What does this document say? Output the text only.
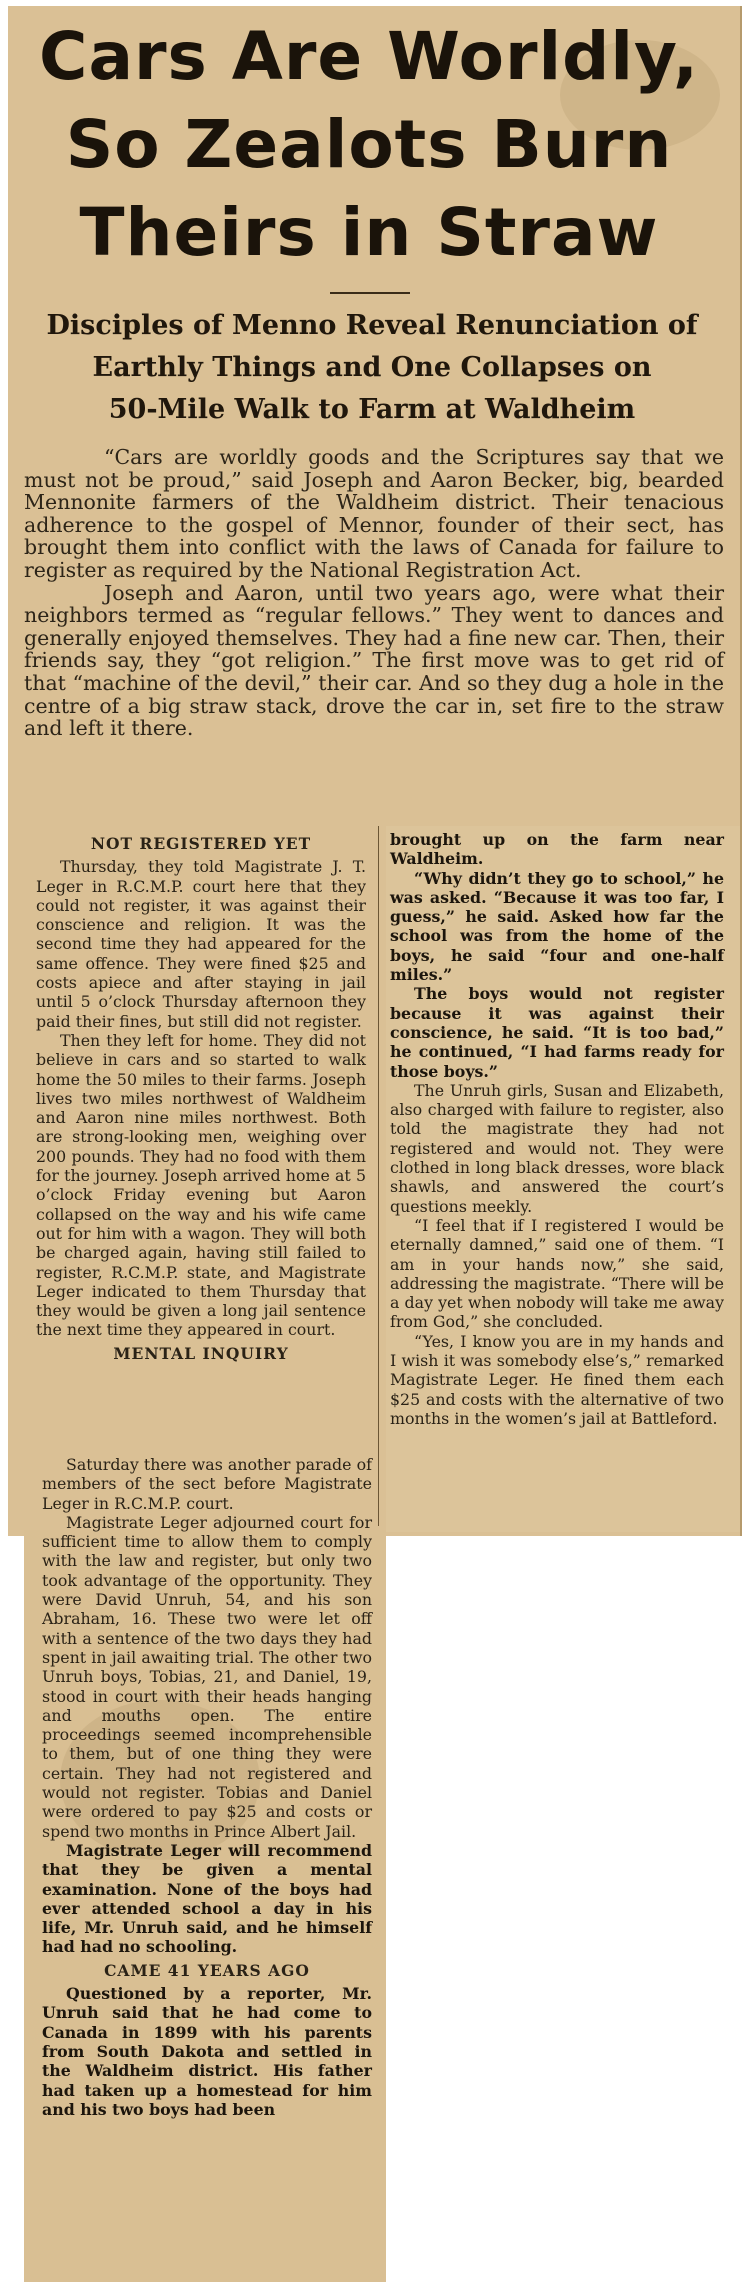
Cars Are Worldly,
So Zealots Burn
Theirs in Straw
Disciples of Menno Reveal Renunciation of
Earthly Things and One Collapses on
50-Mile Walk to Farm at Waldheim

“Cars are worldly goods and the Scriptures say that we must not be proud,” said Joseph and Aaron Becker, big, bearded Mennonite farmers of the Waldheim district. Their tenacious adherence to the gospel of Mennor, founder of their sect, has brought them into conflict with the laws of Canada for failure to register as required by the National Registration Act.

Joseph and Aaron, until two years ago, were what their neighbors termed as “regular fellows.” They went to dances and generally enjoyed themselves. They had a fine new car. Then, their friends say, they “got religion.” The first move was to get rid of that “machine of the devil,” their car. And so they dug a hole in the centre of a big straw stack, drove the car in, set fire to the straw and left it there.

NOT REGISTERED YET

Thursday, they told Magistrate J. T. Leger in R.C.M.P. court here that they could not register, it was against their conscience and religion. It was the second time they had appeared for the same offence. They were fined $25 and costs apiece and after staying in jail until 5 o’clock Thursday afternoon they paid their fines, but still did not register.

Then they left for home. They did not believe in cars and so started to walk home the 50 miles to their farms. Joseph lives two miles northwest of Waldheim and Aaron nine miles northwest. Both are strong-looking men, weighing over 200 pounds. They had no food with them for the journey. Joseph arrived home at 5 o’clock Friday evening but Aaron collapsed on the way and his wife came out for him with a wagon. They will both be charged again, having still failed to register, R.C.M.P. state, and Magistrate Leger indicated to them Thursday that they would be given a long jail sentence the next time they appeared in court.

MENTAL INQUIRY

brought up on the farm near Waldheim.

“Why didn’t they go to school,” he was asked. “Because it was too far, I guess,” he said. Asked how far the school was from the home of the boys, he said “four and one-half miles.”

The boys would not register because it was against their conscience, he said. “It is too bad,” he continued, “I had farms ready for those boys.”

The Unruh girls, Susan and Elizabeth, also charged with failure to register, also told the magistrate they had not registered and would not. They were clothed in long black dresses, wore black shawls, and answered the court’s questions meekly.

“I feel that if I registered I would be eternally damned,” said one of them. “I am in your hands now,” she said, addressing the magistrate. “There will be a day yet when nobody will take me away from God,” she concluded.

“Yes, I know you are in my hands and I wish it was somebody else’s,” remarked Magistrate Leger. He fined them each $25 and costs with the alternative of two months in the women’s jail at Battleford.

Saturday there was another parade of members of the sect before Magistrate Leger in R.C.M.P. court.

Magistrate Leger adjourned court for sufficient time to allow them to comply with the law and register, but only two took advantage of the opportunity. They were David Unruh, 54, and his son Abraham, 16. These two were let off with a sentence of the two days they had spent in jail awaiting trial. The other two Unruh boys, Tobias, 21, and Daniel, 19, stood in court with their heads hanging and mouths open. The entire proceedings seemed incomprehensible to them, but of one thing they were certain. They had not registered and would not register. Tobias and Daniel were ordered to pay $25 and costs or spend two months in Prince Albert Jail.

Magistrate Leger will recommend that they be given a mental examination. None of the boys had ever attended school a day in his life, Mr. Unruh said, and he himself had had no schooling.

CAME 41 YEARS AGO

Questioned by a reporter, Mr. Unruh said that he had come to Canada in 1899 with his parents from South Dakota and settled in the Waldheim district. His father had taken up a homestead for him and his two boys had been
